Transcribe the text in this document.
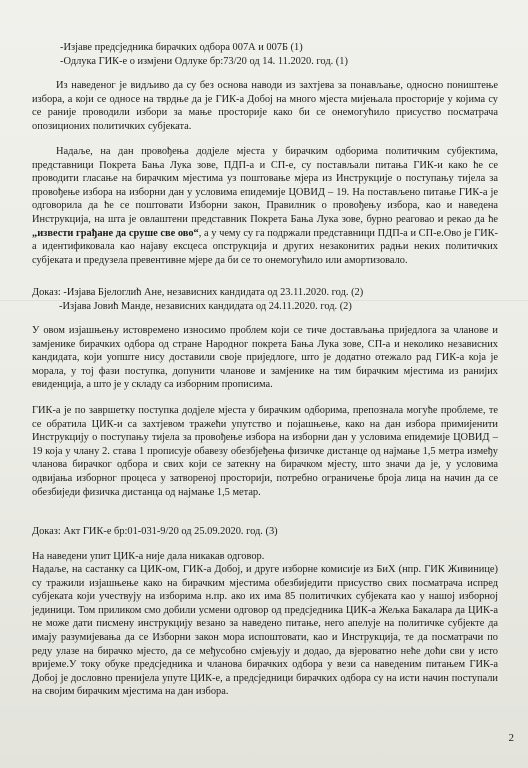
-Изјаве предсједника бирачких одбора 007А и 007Б (1)
-Одлука ГИК-е о измјени Одлуке бр:73/20 од 14. 11.2020. год. (1)

Из наведеног је видљиво да су без основа наводи из захтјева за понављање, односно поништење избора, а који се односе на тврдње да је ГИК-а Добој на много мјеста мијењала просторије у којима су се раније проводили избори за мање просторије како би се онемогућило присуство посматрача опозиционих политичких субјеката.

Надаље, на дан провођења додјеле мјеста у бирачким одборима политичким субјектима, представници Покрета Бања Лука зове, ПДП-а и СП-е, су постављали питања ГИК-и како ће се проводити гласање на бирачким мјестима уз поштовање мјера из Инструкције о поступању тијела за провођење избора на изборни дан у условима епидемије ЦОВИД – 19. На постављено питање ГИК-а је одговорила да ће се поштовати Изборни закон, Правилник о провођењу избора, као и наведена Инструкција, на шта је овлаштени представник Покрета Бања Лука зове, бурно реаговао и рекао да ће „извести грађане да сруше све ово“, а у чему су га подржали представници ПДП-а и СП-е.Ово је ГИК-а идентификовала као најаву ексцеса опструкција и других незаконитих радњи неких политичких субјеката и предузела превентивне мјере да би се то онемогућило или амортизовало.

Доказ: -Изјава Бјелоглић Ане, независних кандидата од 23.11.2020. год. (2)
-Изјава Јовић Манде, независних кандидата од 24.11.2020. год. (2)

У овом изјашњењу истовремено износимо проблем који се тиче достављања приједлога за чланове и замјенике бирачких одбора од стране Народног покрета Бања Лука зове, СП-а и неколико независних кандидата, који уопште нису доставили своје приједлоге, што је додатно отежало рад ГИК-а која је морала, у тој фази поступка, допунити чланове и замјенике на тим бирачким мјестима из ранијих евиденција, а што је у складу са изборним прописима.

ГИК-а је по завршетку поступка додјеле мјеста у бирачким одборима, препознала могуће проблеме, те се обратила ЦИК-и са захтјевом тражећи упутство и појашњење, како на дан избора примијенити Инструкцију о поступању тијела за провођење избора на изборни дан у условима епидемије ЦОВИД – 19 која у члану 2. става 1 прописује обавезу обезбјеђења физичке дистанце од најмање 1,5 метра између чланова бирачког одбора и свих који се затекну на бирачком мјесту, што значи да је, у условима одвијања изборног процеса у затвореној просторији, потребно ограничење броја лица на начин да се обезбиједи физичка дистанца од најмање 1,5 метар.

Доказ: Акт ГИК-е бр:01-031-9/20 од 25.09.2020. год. (3)

На наведени упит ЦИК-а није дала никакав одговор.

Надаље, на састанку са ЦИК-ом, ГИК-а Добој, и друге изборне комисије из БиХ (нпр. ГИК Живинице) су тражили изјашњење како на бирачким мјестима обезбиједити присуство свих посматрача испред субјеката који учествују на изборима н.пр. ако их има 85 политичких субјеката као у нашој изборној јединици. Том приликом смо добили усмени одговор од предсједника ЦИК-а Жељка Бакалара да ЦИК-а не може дати писмену инструкцију везано за наведено питање, него апелује на политичке субјекте да имају разумијевања да се Изборни закон мора испоштовати, као и Инструкција, те да посматрачи по реду улазе на бирачко мјесто, да се међусобно смјењују и додао, да вјероватно неће доћи сви у исто вријеме.У току обуке предсједника и чланова бирачких одбора у вези са наведеним питањем ГИК-а Добој је дословно пренијела упуте ЦИК-е, а предсједници бирачких одбора су на исти начин поступали на својим бирачким мјестима на дан избора.

2
